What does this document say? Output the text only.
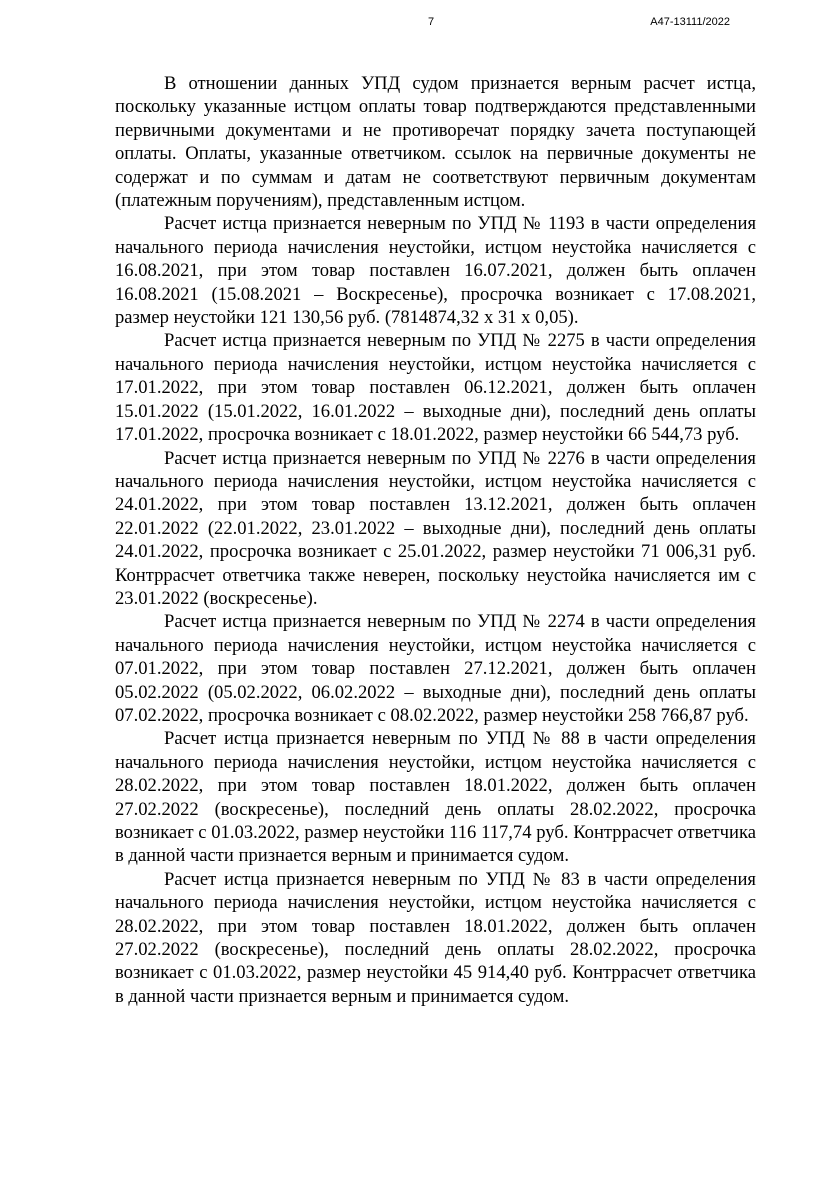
7	А47-13111/2022

В отношении данных УПД судом признается верным расчет истца, поскольку указанные истцом оплаты товар подтверждаются представленными первичными документами и не противоречат порядку зачета поступающей оплаты. Оплаты, указанные ответчиком. ссылок на первичные документы не содержат и по суммам и датам не соответствуют первичным документам (платежным поручениям), представленным истцом.

Расчет истца признается неверным по УПД № 1193 в части определения начального периода начисления неустойки, истцом неустойка начисляется с 16.08.2021, при этом товар поставлен 16.07.2021, должен быть оплачен 16.08.2021 (15.08.2021 – Воскресенье), просрочка возникает с 17.08.2021, размер неустойки 121 130,56 руб. (7814874,32 х 31 х 0,05).

Расчет истца признается неверным по УПД № 2275 в части определения начального периода начисления неустойки, истцом неустойка начисляется с 17.01.2022, при этом товар поставлен 06.12.2021, должен быть оплачен 15.01.2022 (15.01.2022, 16.01.2022 – выходные дни), последний день оплаты 17.01.2022, просрочка возникает с 18.01.2022, размер неустойки 66 544,73 руб.

Расчет истца признается неверным по УПД № 2276 в части определения начального периода начисления неустойки, истцом неустойка начисляется с 24.01.2022, при этом товар поставлен 13.12.2021, должен быть оплачен 22.01.2022 (22.01.2022, 23.01.2022 – выходные дни), последний день оплаты 24.01.2022, просрочка возникает с 25.01.2022, размер неустойки 71 006,31 руб. Контррасчет ответчика также неверен, поскольку неустойка начисляется им с 23.01.2022 (воскресенье).

Расчет истца признается неверным по УПД № 2274 в части определения начального периода начисления неустойки, истцом неустойка начисляется с 07.01.2022, при этом товар поставлен 27.12.2021, должен быть оплачен 05.02.2022 (05.02.2022, 06.02.2022 – выходные дни), последний день оплаты 07.02.2022, просрочка возникает с 08.02.2022, размер неустойки 258 766,87 руб.

Расчет истца признается неверным по УПД № 88 в части определения начального периода начисления неустойки, истцом неустойка начисляется с 28.02.2022, при этом товар поставлен 18.01.2022, должен быть оплачен 27.02.2022 (воскресенье), последний день оплаты 28.02.2022, просрочка возникает с 01.03.2022, размер неустойки 116 117,74 руб. Контррасчет ответчика в данной части признается верным и принимается судом.

Расчет истца признается неверным по УПД № 83 в части определения начального периода начисления неустойки, истцом неустойка начисляется с 28.02.2022, при этом товар поставлен 18.01.2022, должен быть оплачен 27.02.2022 (воскресенье), последний день оплаты 28.02.2022, просрочка возникает с 01.03.2022, размер неустойки 45 914,40 руб. Контррасчет ответчика в данной части признается верным и принимается судом.
